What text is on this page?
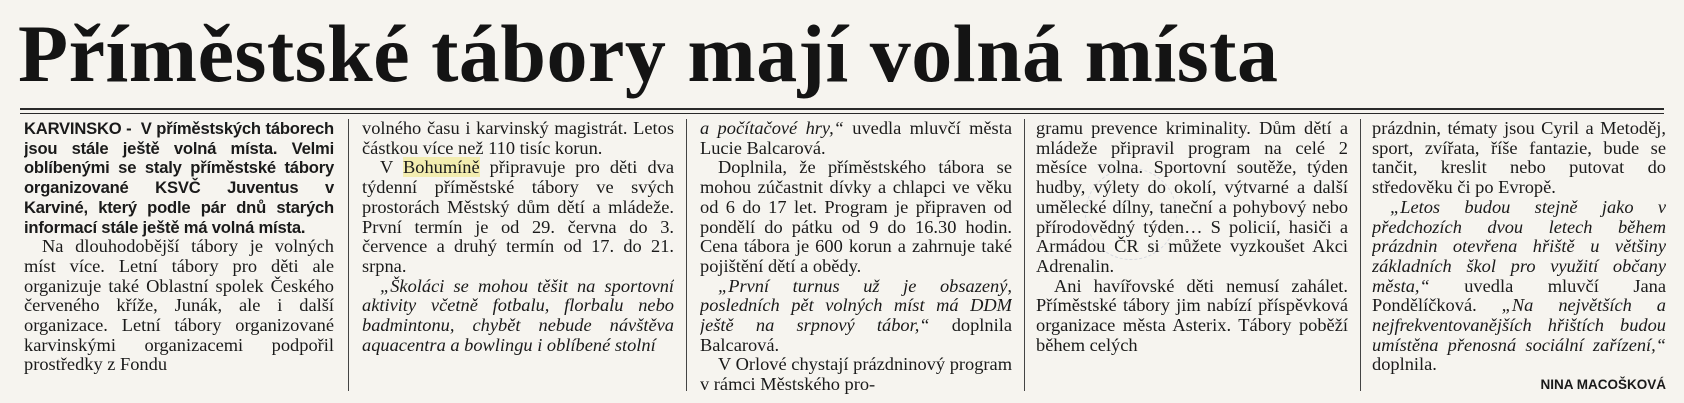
Příměstské tábory mají volná místa

KARVINSKO - V příměstských táborech jsou stále ještě volná místa. Velmi oblíbenými se staly příměstské tábory organizované KSVČ Juventus v Karviné, který podle pár dnů starých informací stále ještě má volná místa.

Na dlouhodobější tábory je volných míst více. Letní tábory pro děti ale organizuje také Oblastní spolek Českého červeného kříže, Junák, ale i další organizace. Letní tábory organizované karvinskými organizacemi podpořil prostředky z Fondu

volného času i karvinský magistrát. Letos částkou více než 110 tisíc korun.

V Bohumíně připravuje pro děti dva týdenní příměstské tábory ve svých prostorách Městský dům dětí a mládeže. První termín je od 29. června do 3. července a druhý termín od 17. do 21. srpna.

„Školáci se mohou těšit na sportovní aktivity včetně fotbalu, florbalu nebo badmintonu, chybět nebude návštěva aquacentra a bowlingu i oblíbené stolní

a počítačové hry,“ uvedla mluvčí města Lucie Balcarová.

Doplnila, že příměstského tábora se mohou zúčastnit dívky a chlapci ve věku od 6 do 17 let. Program je připraven od pondělí do pátku od 9 do 16.30 hodin. Cena tábora je 600 korun a zahrnuje také pojištění dětí a obědy.

„První turnus už je obsazený, posledních pět volných míst má DDM ještě na srpnový tábor,“ doplnila Balcarová.

V Orlové chystají prázdninový program v rámci Městského pro-

gramu prevence kriminality. Dům dětí a mládeže připravil program na celé 2 měsíce volna. Sportovní soutěže, týden hudby, výlety do okolí, výtvarné a další umělecké dílny, taneční a pohybový nebo přírodovědný týden… S policií, hasiči a Armádou ČR si můžete vyzkoušet Akci Adrenalin.

Ani havířovské děti nemusí zahálet. Příměstské tábory jim nabízí příspěvková organizace města Asterix. Tábory poběží během celých

prázdnin, tématy jsou Cyril a Metoděj, sport, zvířata, říše fantazie, bude se tančit, kreslit nebo putovat do středověku či po Evropě.

„Letos budou stejně jako v předchozích dvou letech během prázdnin otevřena hřiště u většiny základních škol pro využití občany města,“ uvedla mluvčí Jana Pondělíčková. „Na největších a nejfrekventovanějších hřištích budou umístěna přenosná sociální zařízení,“ doplnila.

NINA MACOŠKOVÁ
